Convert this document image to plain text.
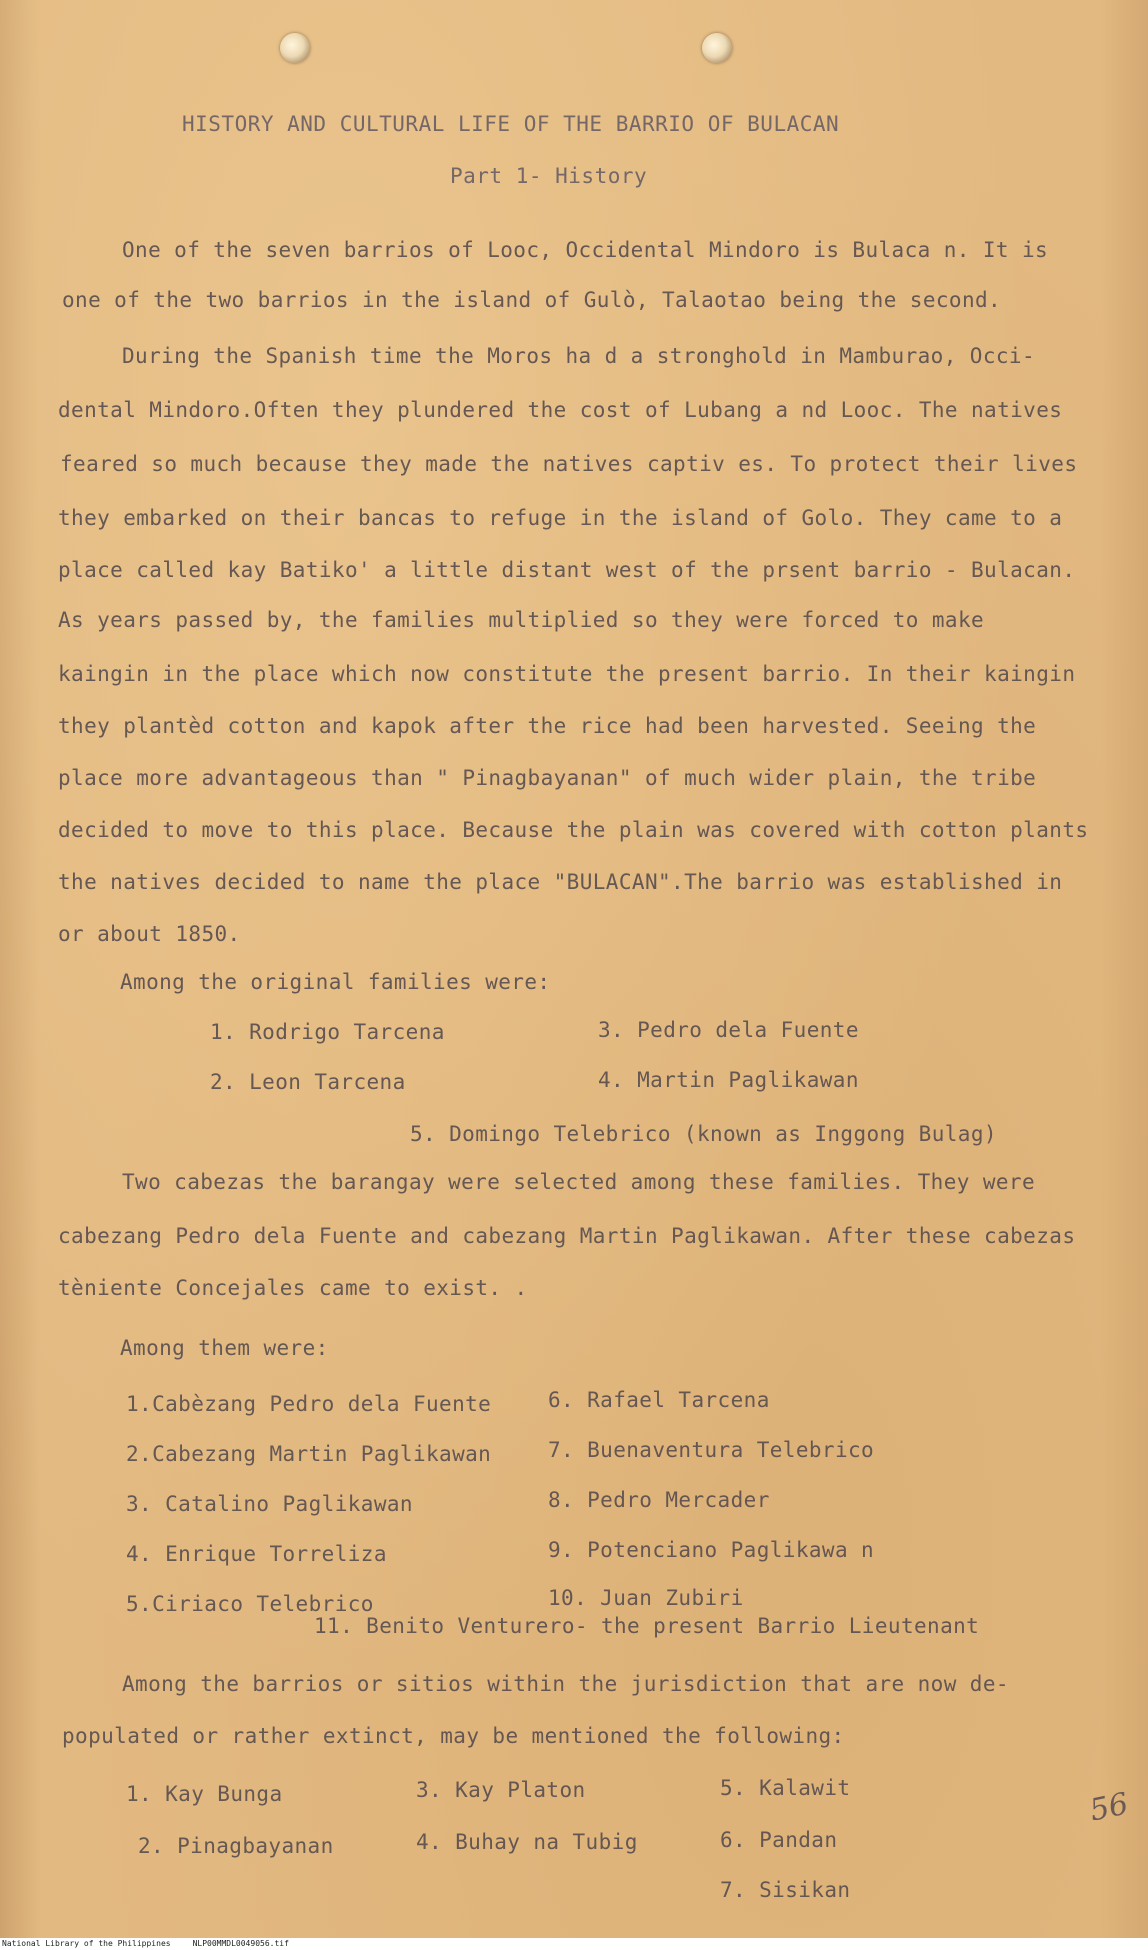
HISTORY AND CULTURAL LIFE OF THE BARRIO OF BULACAN
Part 1- History
One of the seven barrios of Looc, Occidental Mindoro is Bulaca n. It is
one of the two barrios in the island of Gulò, Talaotao being the second.
During the Spanish time the Moros ha d a stronghold in Mamburao, Occi-
dental Mindoro.Often they plundered the cost of Lubang a nd Looc. The natives
feared so much because they made the natives captiv es. To protect their lives
they embarked on their bancas to refuge in the island of Golo. They came to a
place called kay Batiko' a little distant west of the prsent barrio - Bulacan.
As years passed by, the families multiplied so they were forced to make
kaingin in the place which now constitute the present barrio. In their kaingin
they plantèd cotton and kapok after the rice had been harvested. Seeing the
place more advantageous than " Pinagbayanan" of much wider plain, the tribe
decided to move to this place. Because the plain was covered with cotton plants
the natives decided to name the place "BULACAN".The barrio was established in
or about 1850.
Among the original families were:
1. Rodrigo Tarcena	3. Pedro dela Fuente
2. Leon Tarcena	4. Martin Paglikawan
5. Domingo Telebrico (known as Inggong Bulag)
Two cabezas the barangay were selected among these families. They were
cabezang Pedro dela Fuente and cabezang Martin Paglikawan. After these cabezas
tèniente Concejales came to exist. .
Among them were:
1.Cabèzang Pedro dela Fuente	6. Rafael Tarcena
2.Cabezang Martin Paglikawan	7. Buenaventura Telebrico
3. Catalino Paglikawan	8. Pedro Mercader
4. Enrique Torreliza	9. Potenciano Paglikawa n
5.Ciriaco Telebrico	10. Juan Zubiri
11. Benito Venturero- the present Barrio Lieutenant
Among the barrios or sitios within the jurisdiction that are now de-
populated or rather extinct, may be mentioned the following:
1. Kay Bunga	3. Kay Platon	5. Kalawit
2. Pinagbayanan	4. Buhay na Tubig	6. Pandan
7. Sisikan
56
National Library of the Philippines	NLP00MMDL0049056.tif
